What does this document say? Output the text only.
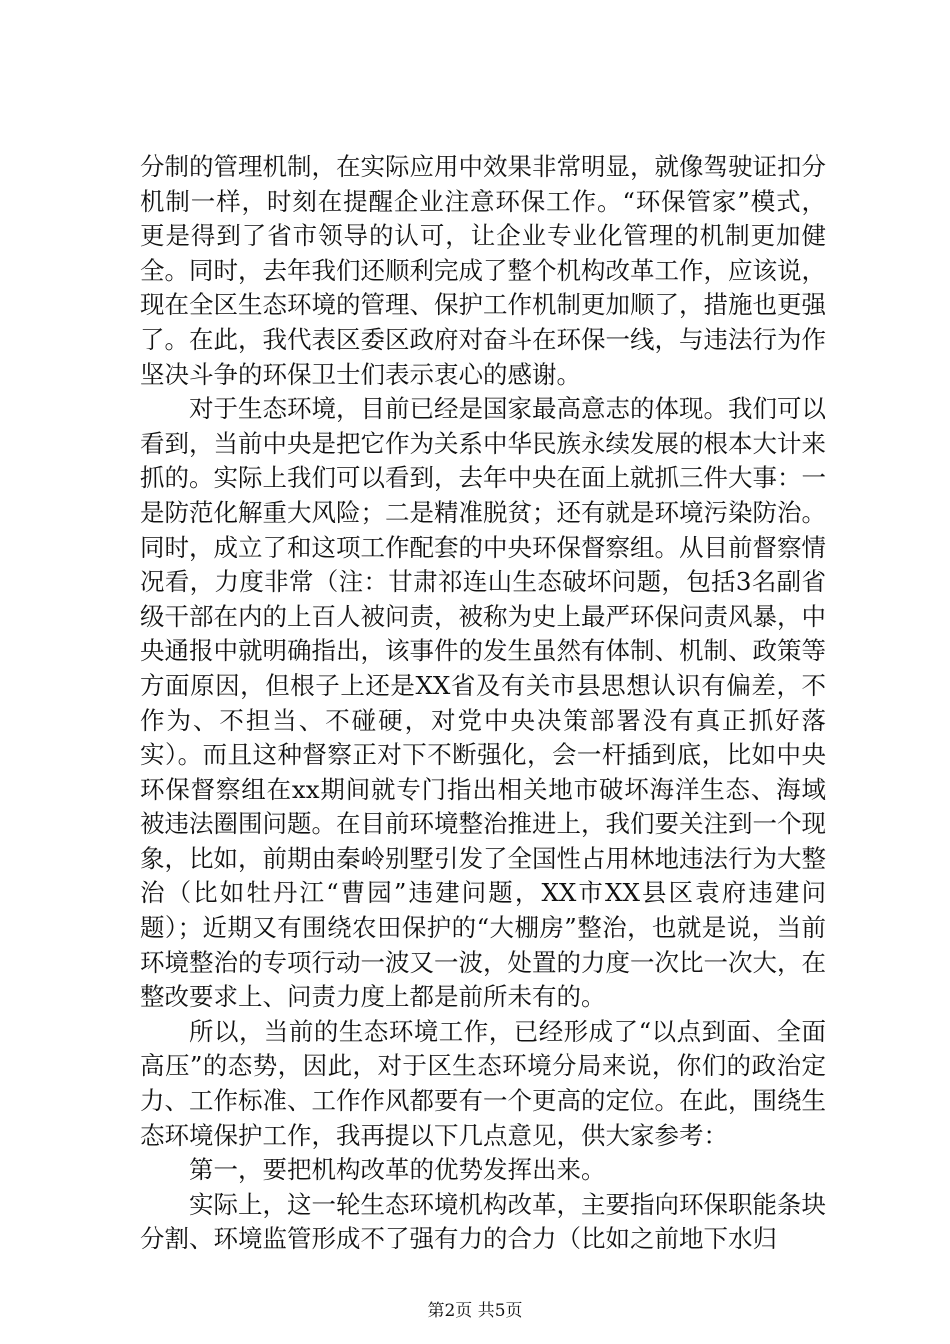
分制的管理机制，在实际应用中效果非常明显，就像驾驶证扣分机制一样，时刻在提醒企业注意环保工作。“环保管家”模式，更是得到了省市领导的认可，让企业专业化管理的机制更加健全。同时，去年我们还顺利完成了整个机构改革工作，应该说，现在全区生态环境的管理、保护工作机制更加顺了，措施也更强了。在此，我代表区委区政府对奋斗在环保一线，与违法行为作坚决斗争的环保卫士们表示衷心的感谢。

对于生态环境，目前已经是国家最高意志的体现。我们可以看到，当前中央是把它作为关系中华民族永续发展的根本大计来抓的。实际上我们可以看到，去年中央在面上就抓三件大事：一是防范化解重大风险；二是精准脱贫；还有就是环境污染防治。同时，成立了和这项工作配套的中央环保督察组。从目前督察情况看，力度非常（注：甘肃祁连山生态破坏问题，包括3名副省级干部在内的上百人被问责，被称为史上最严环保问责风暴，中央通报中就明确指出，该事件的发生虽然有体制、机制、政策等方面原因，但根子上还是XX省及有关市县思想认识有偏差，不作为、不担当、不碰硬，对党中央决策部署没有真正抓好落实）。而且这种督察正对下不断强化，会一杆插到底，比如中央环保督察组在xx期间就专门指出相关地市破坏海洋生态、海域被违法圈围问题。在目前环境整治推进上，我们要关注到一个现象，比如，前期由秦岭别墅引发了全国性占用林地违法行为大整治（比如牡丹江“曹园”违建问题，XX市XX县区袁府违建问题）；近期又有围绕农田保护的“大棚房”整治，也就是说，当前环境整治的专项行动一波又一波，处置的力度一次比一次大，在整改要求上、问责力度上都是前所未有的。

所以，当前的生态环境工作，已经形成了“以点到面、全面高压”的态势，因此，对于区生态环境分局来说，你们的政治定力、工作标准、工作作风都要有一个更高的定位。在此，围绕生态环境保护工作，我再提以下几点意见，供大家参考：

第一，要把机构改革的优势发挥出来。

实际上，这一轮生态环境机构改革，主要指向环保职能条块分割、环境监管形成不了强有力的合力（比如之前地下水归

第2页 共5页
